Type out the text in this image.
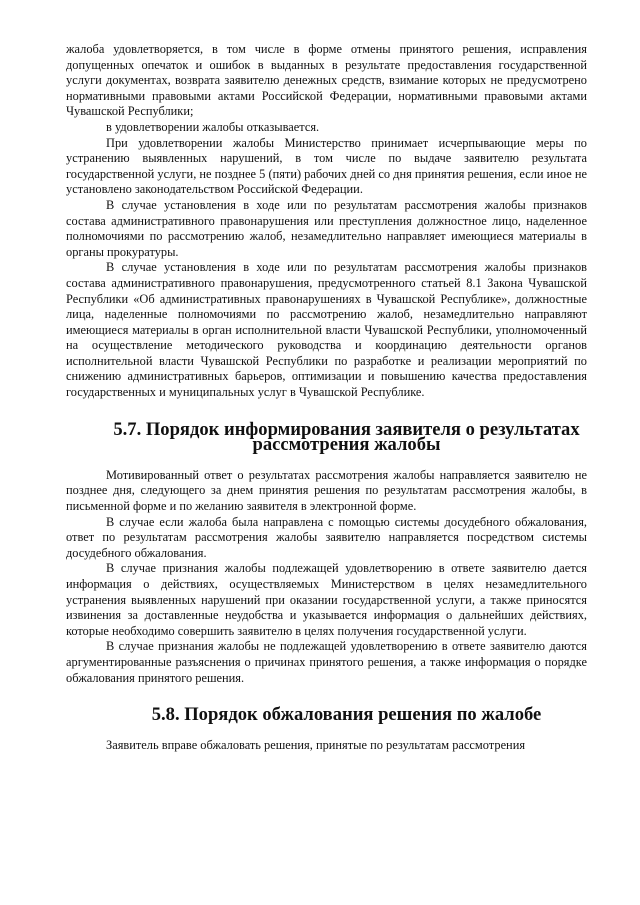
жалоба удовлетворяется, в том числе в форме отмены принятого решения, исправления допущенных опечаток и ошибок в выданных в результате предоставления государственной услуги документах, возврата заявителю денежных средств, взимание которых не предусмотрено нормативными правовыми актами Российской Федерации, нормативными правовыми актами Чувашской Республики;

в удовлетворении жалобы отказывается.

При удовлетворении жалобы Министерство принимает исчерпывающие меры по устранению выявленных нарушений, в том числе по выдаче заявителю результата государственной услуги, не позднее 5 (пяти) рабочих дней со дня принятия решения, если иное не установлено законодательством Российской Федерации.

В случае установления в ходе или по результатам рассмотрения жалобы признаков состава административного правонарушения или преступления должностное лицо, наделенное полномочиями по рассмотрению жалоб, незамедлительно направляет имеющиеся материалы в органы прокуратуры.

В случае установления в ходе или по результатам рассмотрения жалобы признаков состава административного правонарушения, предусмотренного статьей 8.1 Закона Чувашской Республики «Об административных правонарушениях в Чувашской Республике», должностные лица, наделенные полномочиями по рассмотрению жалоб, незамедлительно направляют имеющиеся материалы в орган исполнительной власти Чувашской Республики, уполномоченный на осуществление методического руководства и координацию деятельности органов исполнительной власти Чувашской Республики по разработке и реализации мероприятий по снижению административных барьеров, оптимизации и повышению качества предоставления государственных и муниципальных услуг в Чувашской Республике.

5.7. Порядок информирования заявителя о результатах рассмотрения жалобы

Мотивированный ответ о результатах рассмотрения жалобы направляется заявителю не позднее дня, следующего за днем принятия решения по результатам рассмотрения жалобы, в письменной форме и по желанию заявителя в электронной форме.

В случае если жалоба была направлена с помощью системы досудебного обжалования, ответ по результатам рассмотрения жалобы заявителю направляется посредством системы досудебного обжалования.

В случае признания жалобы подлежащей удовлетворению в ответе заявителю дается информация о действиях, осуществляемых Министерством в целях незамедлительного устранения выявленных нарушений при оказании государственной услуги, а также приносятся извинения за доставленные неудобства и указывается информация о дальнейших действиях, которые необходимо совершить заявителю в целях получения государственной услуги.

В случае признания жалобы не подлежащей удовлетворению в ответе заявителю даются аргументированные разъяснения о причинах принятого решения, а также информация о порядке обжалования принятого решения.

5.8. Порядок обжалования решения по жалобе

Заявитель вправе обжаловать решения, принятые по результатам рассмотрения
